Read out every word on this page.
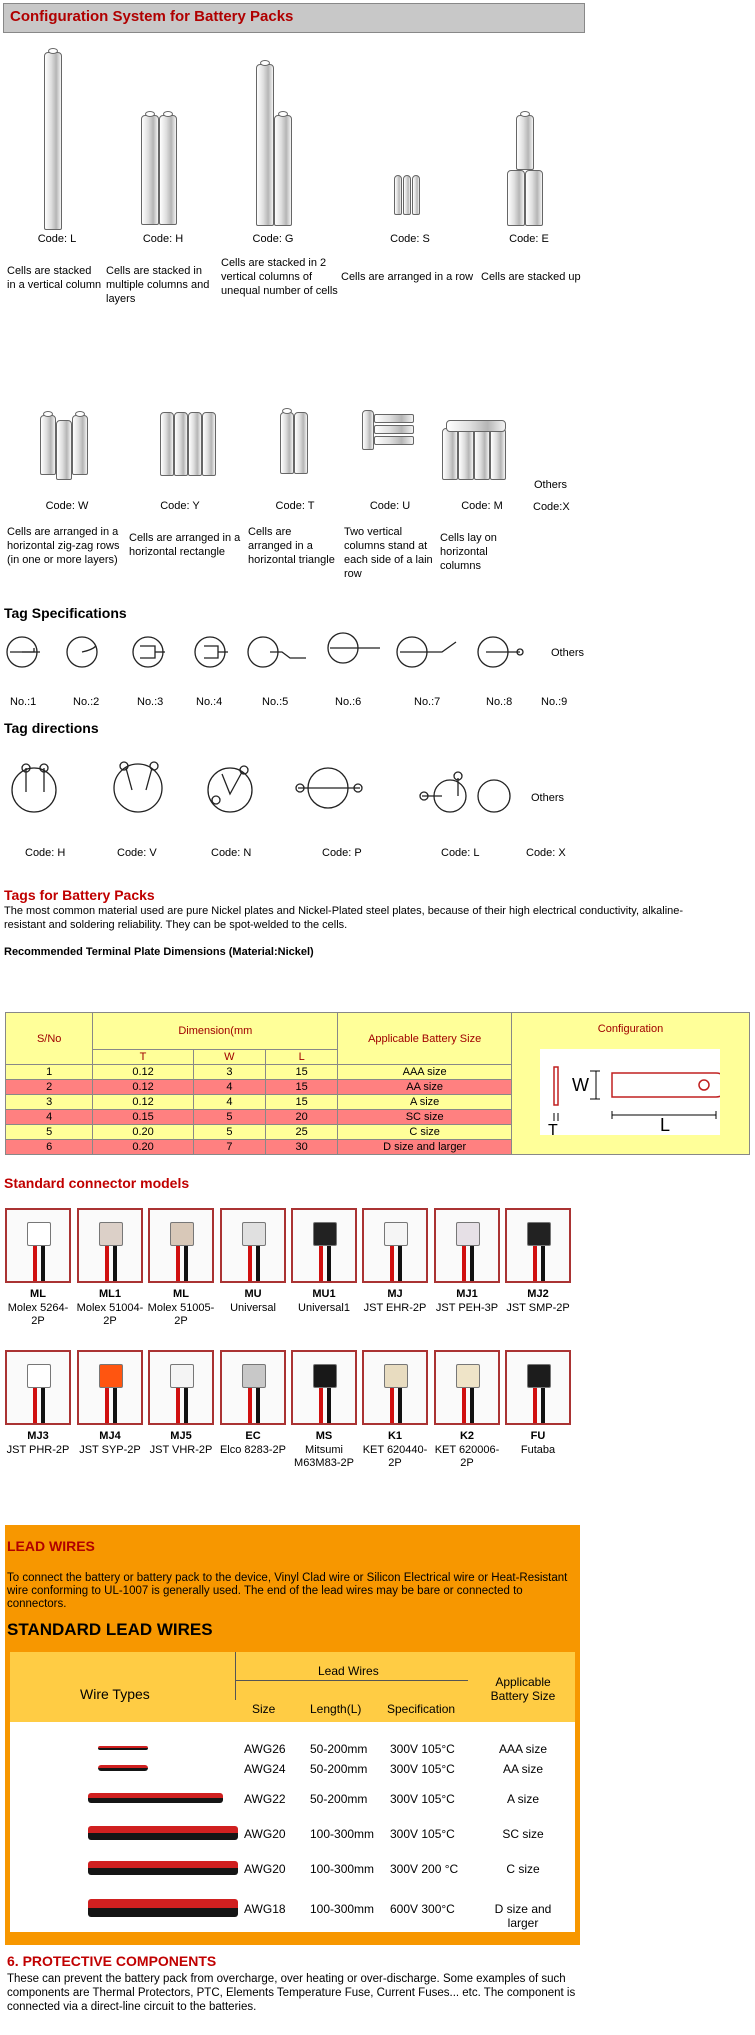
Configuration System for Battery Packs
Code: L	Code: H	Code: G	Code: S	Code: E
Cells are stacked in a vertical column
Cells are stacked in multiple columns and layers
Cells are stacked in 2 vertical columns of unequal number of cells
Cells are arranged in a row Cells are stacked up
Others
Code: W	Code: Y	Code: T	Code: U	Code: M	Code:X
Cells are arranged in a horizontal zig-zag rows (in one or more layers)
Cells are arranged in a horizontal rectangle
Cells are arranged in a horizontal triangle
Two vertical columns stand at each side of a lain row
Cells lay on horizontal columns
Tag Specifications
Others
No.:1	No.:2	No.:3	No.:4	No.:5	No.:6	No.:7	No.:8	No.:9
Tag directions
Others
Code: H	Code: V	Code: N	Code: P	Code: L	Code: X
Tags for Battery Packs
The most common material used are pure Nickel plates and Nickel-Plated steel plates, because of their high electrical conductivity, alkaline-resistant and soldering reliability. They can be spot-welded to the cells.
Recommended Terminal Plate Dimensions (Material:Nickel)
S/No	Dimension(mm			Applicable Battery Size	Configuration
W
L
T

	T	W	L		
1	0.12	3	15	AAA size	
2	0.12	4	15	AA size	
3	0.12	4	15	A size	
4	0.15	5	20	SC size	
5	0.20	5	25	C size	
6	0.20	7	30	D size and larger	
Standard connector models
ML
Molex 5264-2P
ML1
Molex 51004-2P
ML
Molex 51005-2P
MU
Universal
MU1
Universal1
MJ
JST EHR-2P
MJ1
JST PEH-3P
MJ2
JST SMP-2P
MJ3
JST PHR-2P
MJ4
JST SYP-2P
MJ5
JST VHR-2P
EC
Elco 8283-2P
MS
Mitsumi M63M83-2P
K1
KET 620440-2P
K2
KET 620006-2P
FU
Futaba
LEAD WIRES
To connect the battery or battery pack to the device, Vinyl Clad wire or Silicon Electrical wire or Heat-Resistant wire conforming to UL-1007 is generally used. The end of the lead wires may be bare or connected to connectors.
STANDARD LEAD WIRES
Wire Types
Lead Wires
Size	Length(L) Specification
Applicable Battery Size
AWG26 50-200mm 300V 105°C	AAA size
AWG24 50-200mm 300V 105°C	AA size
AWG22 50-200mm 300V 105°C	A size
AWG20 100-300mm 300V 105°C	SC size
AWG20 100-300mm 300V 200 °C	C size
AWG18 100-300mm 600V 300°C	D size and larger
6. PROTECTIVE COMPONENTS
These can prevent the battery pack from overcharge, over heating or over-discharge. Some examples of such components are Thermal Protectors, PTC, Elements Temperature Fuse, Current Fuses... etc. The component is connected via a direct-line circuit to the batteries.
